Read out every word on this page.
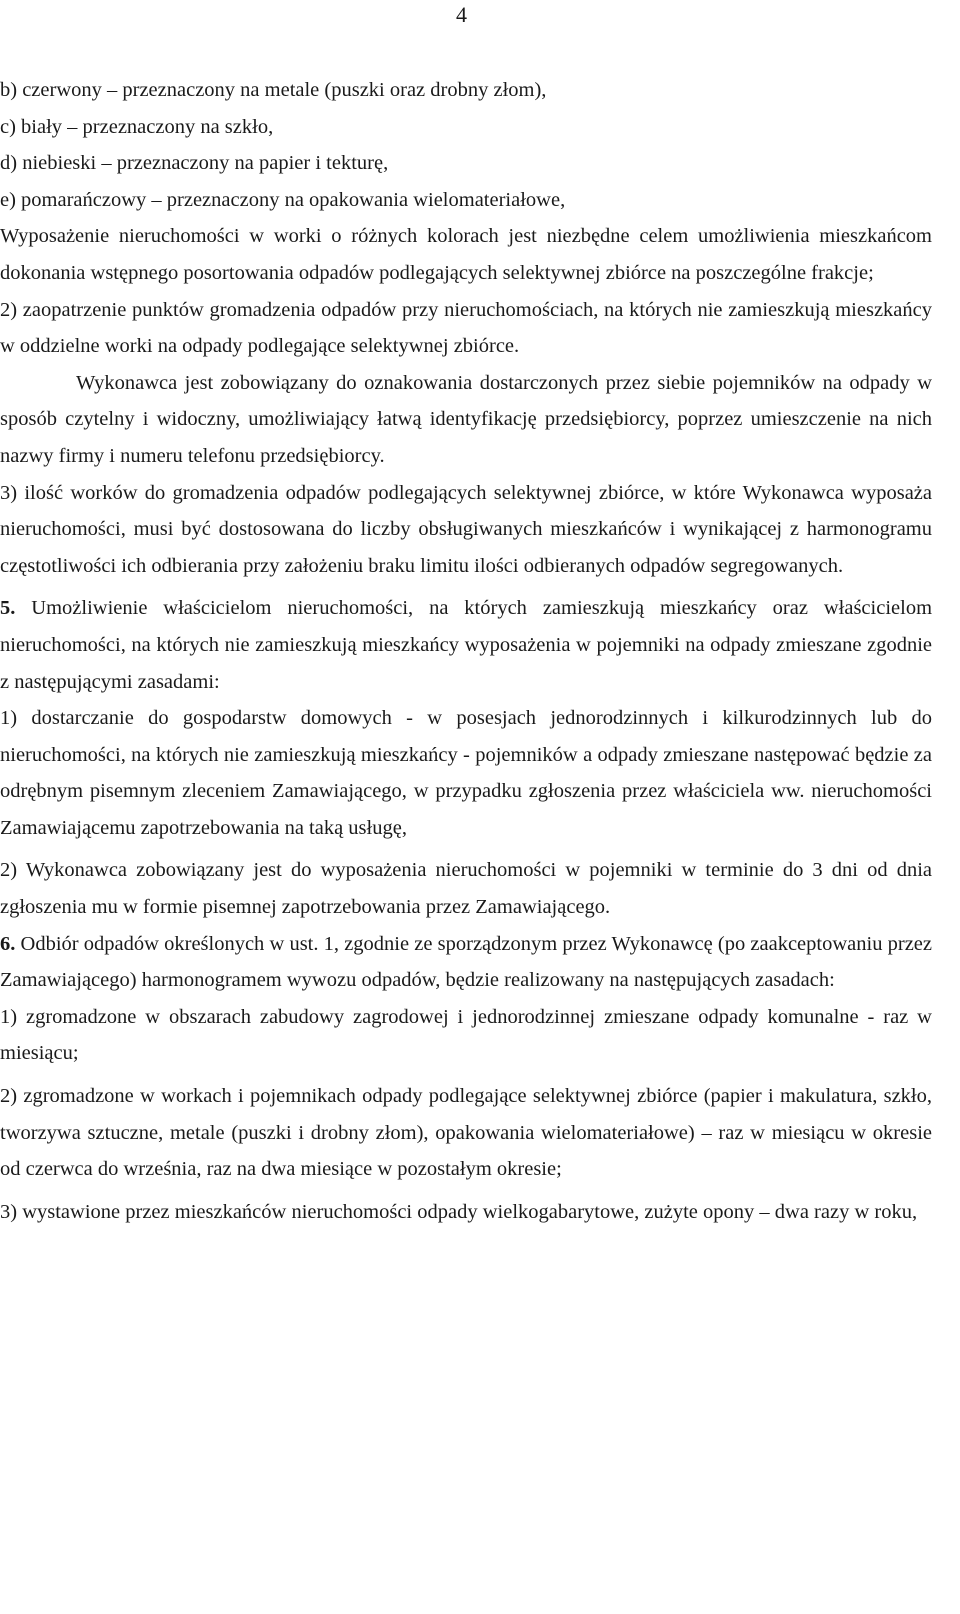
4

b) czerwony – przeznaczony na metale (puszki oraz drobny złom),

c) biały – przeznaczony na szkło,

d) niebieski – przeznaczony na papier i tekturę,

e) pomarańczowy – przeznaczony na opakowania wielomateriałowe,

Wyposażenie nieruchomości w worki o różnych kolorach jest niezbędne celem umożliwienia mieszkańcom dokonania wstępnego posortowania odpadów podlegających selektywnej zbiórce na poszczególne frakcje;

2) zaopatrzenie punktów gromadzenia odpadów przy nieruchomościach, na których nie zamieszkują mieszkańcy w oddzielne worki na odpady podlegające selektywnej zbiórce.

Wykonawca jest zobowiązany do oznakowania dostarczonych przez siebie pojemników na odpady w sposób czytelny i widoczny, umożliwiający łatwą identyfikację przedsiębiorcy, poprzez umieszczenie na nich nazwy firmy i numeru telefonu przedsiębiorcy.

3) ilość worków do gromadzenia odpadów podlegających selektywnej zbiórce, w które Wykonawca wyposaża nieruchomości, musi być dostosowana do liczby obsługiwanych mieszkańców i wynikającej z harmonogramu częstotliwości ich odbierania przy założeniu braku limitu ilości odbieranych odpadów segregowanych.

5. Umożliwienie właścicielom nieruchomości, na których zamieszkują mieszkańcy oraz właścicielom nieruchomości, na których nie zamieszkują mieszkańcy wyposażenia w pojemniki na odpady zmieszane zgodnie z następującymi zasadami:

1) dostarczanie do gospodarstw domowych - w posesjach jednorodzinnych i kilkurodzinnych lub do nieruchomości, na których nie zamieszkują mieszkańcy - pojemników a odpady zmieszane następować będzie za odrębnym pisemnym zleceniem Zamawiającego, w przypadku zgłoszenia przez właściciela ww. nieruchomości Zamawiającemu zapotrzebowania na taką usługę,

2) Wykonawca zobowiązany jest do wyposażenia nieruchomości w pojemniki w terminie do 3 dni od dnia zgłoszenia mu w formie pisemnej zapotrzebowania przez Zamawiającego.

6. Odbiór odpadów określonych w ust. 1, zgodnie ze sporządzonym przez Wykonawcę (po zaakceptowaniu przez Zamawiającego) harmonogramem wywozu odpadów, będzie realizowany na następujących zasadach:

1) zgromadzone w obszarach zabudowy zagrodowej i jednorodzinnej zmieszane odpady komunalne - raz w miesiącu;

2) zgromadzone w workach i pojemnikach odpady podlegające selektywnej zbiórce (papier i makulatura, szkło, tworzywa sztuczne, metale (puszki i drobny złom), opakowania wielomateriałowe) – raz w miesiącu w okresie od czerwca do września, raz na dwa miesiące w pozostałym okresie;

3) wystawione przez mieszkańców nieruchomości odpady wielkogabarytowe, zużyte opony – dwa razy w roku,
